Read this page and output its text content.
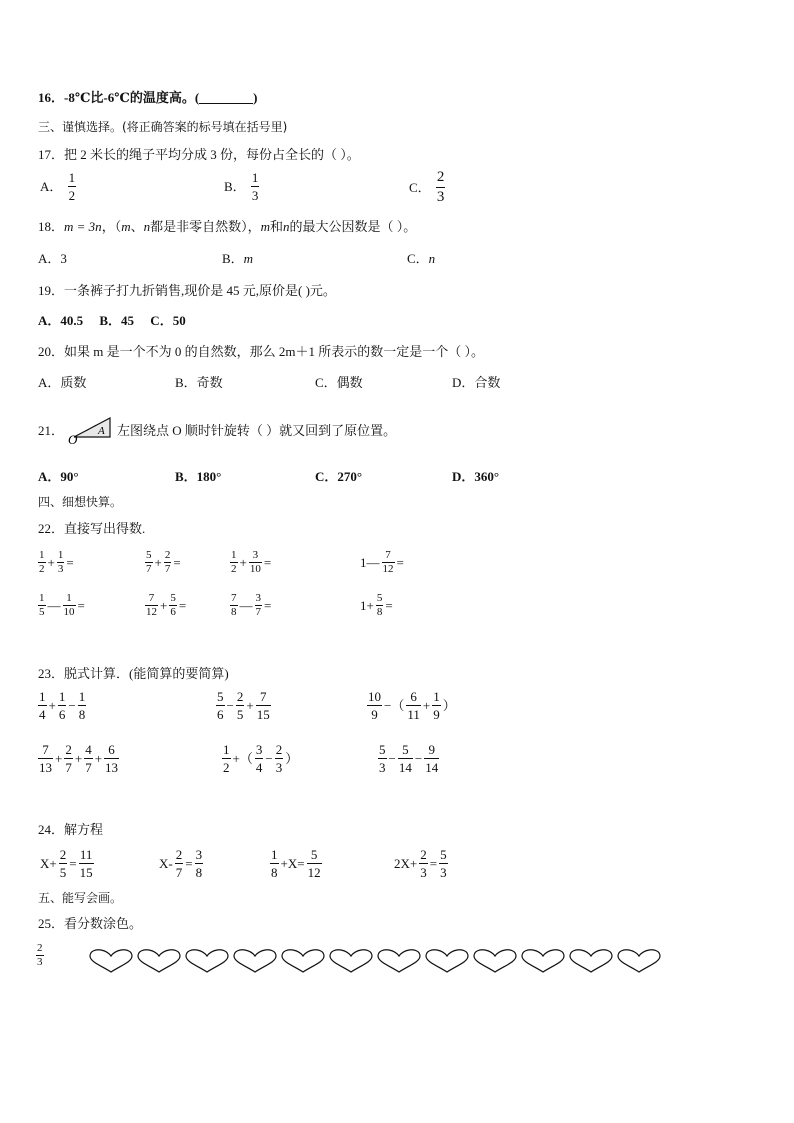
16．-8℃比-6℃的温度高。(	)
三、谨慎选择。(将正确答案的标号填在括号里)
17．把 2 米长的绳子平均分成 3 份，每份占全长的（ ）。
A． $\frac{1}{2}$	B． $\frac{1}{3}$	C． $\frac{2}{3}$
18．m = 3n，（m、n都是非零自然数），m和n的最大公因数是（ ）。
A．3	B．m	C．n
19．一条裤子打九折销售,现价是 45 元,原价是( )元。
A．40.5     B．45     C．50
20．如果 m 是一个不为 0 的自然数，那么 2m＋1 所表示的数一定是一个（ ）。
A．质数	B．奇数	C．偶数	D．合数
21．	A
O
左图绕点 O 顺时针旋转（ ）就又回到了原位置。
A．90°	B．180°	C．270°	D．360°
四、细想快算。
22．直接写出得数.
$\frac{1}{2} + \frac{1}{3}$ =	$\frac{5}{7} + \frac{2}{7}$ =	$\frac{1}{2} + \frac{3}{10}$ =	1— $\frac{7}{12}$ =
$\frac{1}{5}$ — $\frac{1}{10}$ =	$\frac{7}{12} + \frac{5}{6}$ =	$\frac{7}{8}$ — $\frac{3}{7}$ =	$1+ \frac{5}{8}$ =
23．脱式计算．(能简算的要简算)
$\frac{1}{4} + \frac{1}{6} - \frac{1}{8}$	$\frac{5}{6} - \frac{2}{5} + \frac{7}{15}$	$\frac{10}{9}$ −（ $\frac{6}{11} + \frac{1}{9}$ ）
$\frac{7}{13} + \frac{2}{7} + \frac{4}{7} + \frac{6}{13}$	$\frac{1}{2}$ +（ $\frac{3}{4} - \frac{2}{3}$ ）	$\frac{5}{3} - \frac{5}{14} - \frac{9}{14}$
24．解方程
$X+ \frac{2}{5} = \frac{11}{15}$	$X- \frac{2}{7} = \frac{3}{8}$	$\frac{1}{8} +X= \frac{5}{12}$	$2X+ \frac{2}{3} = \frac{5}{3}$
五、能写会画。
25．看分数涂色。
$\frac{2}{3}$
